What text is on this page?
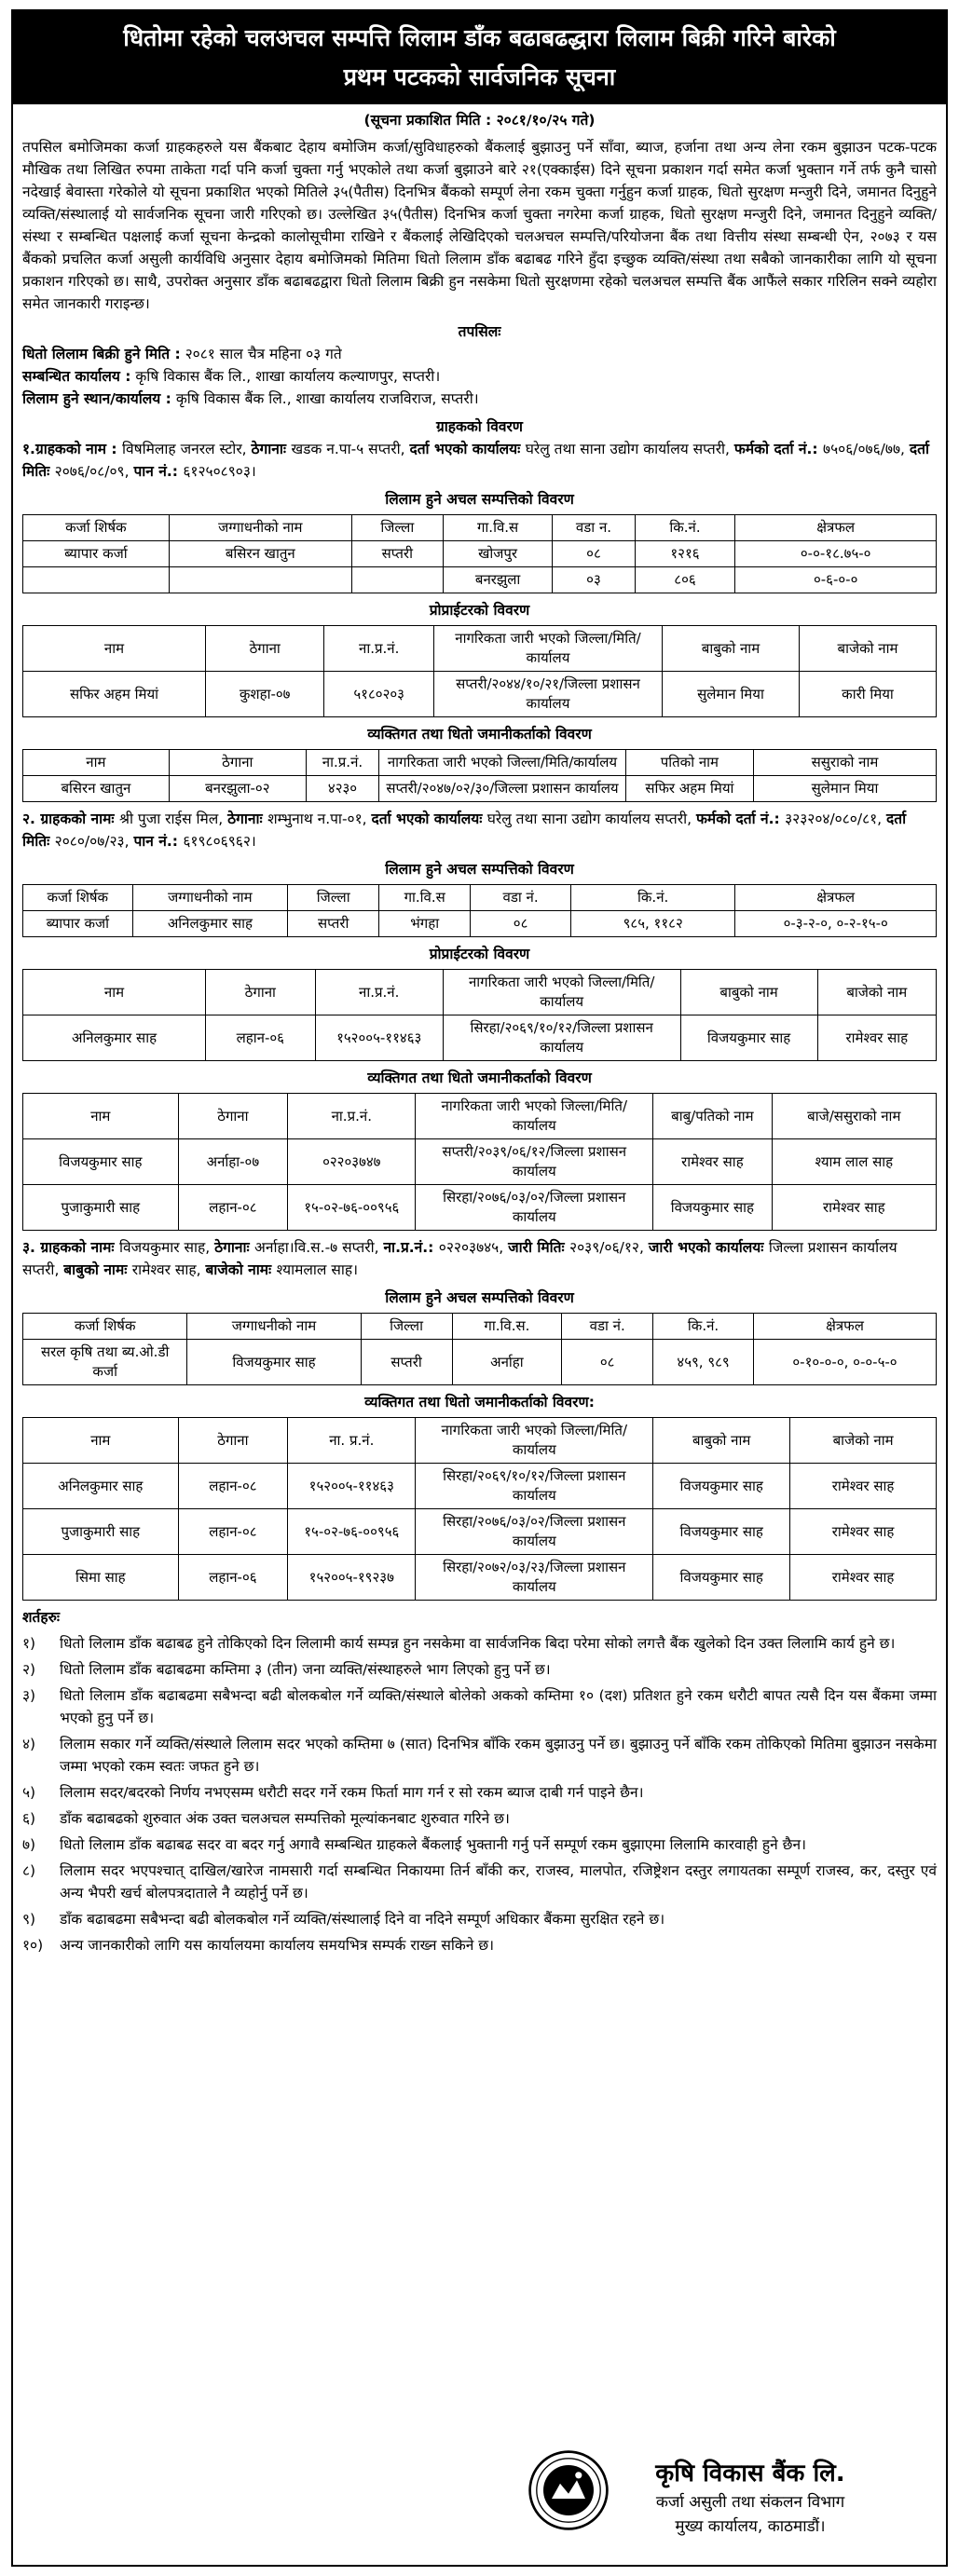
धितोमा रहेको चलअचल सम्पत्ति लिलाम डाँक बढाबढद्धारा लिलाम बिक्री गरिने बारेको
प्रथम पटकको सार्वजनिक सूचना
(सूचना प्रकाशित मिति : २०८१/१०/२५ गते)
तपसिल बमोजिमका कर्जा ग्राहकहरुले यस बैंकबाट देहाय बमोजिम कर्जा/सुविधाहरुको बैंकलाई बुझाउनु पर्ने साँवा, ब्याज, हर्जाना तथा अन्य लेना रकम बुझाउन पटक-पटक मौखिक तथा लिखित रुपमा ताकेता गर्दा पनि कर्जा चुक्ता गर्नु भएकोले तथा कर्जा बुझाउने बारे २१(एक्काईस) दिने सूचना प्रकाशन गर्दा समेत कर्जा भुक्तान गर्ने तर्फ कुनै चासो नदेखाई बेवास्ता गरेकोले यो सूचना प्रकाशित भएको मितिले ३५(पैतीस) दिनभित्र बैंकको सम्पूर्ण लेना रकम चुक्ता गर्नुहुन कर्जा ग्राहक, धितो सुरक्षण मन्जुरी दिने, जमानत दिनुहुने व्यक्ति/संस्थालाई यो सार्वजनिक सूचना जारी गरिएको छ। उल्लेखित ३५(पैतीस) दिनभित्र कर्जा चुक्ता नगरेमा कर्जा ग्राहक, धितो सुरक्षण मन्जुरी दिने, जमानत दिनुहुने व्यक्ति/संस्था र सम्बन्धित पक्षलाई कर्जा सूचना केन्द्रको कालोसूचीमा राखिने र बैंकलाई लेखिदिएको चलअचल सम्पत्ति/परियोजना बैंक तथा वित्तीय संस्था सम्बन्धी ऐन, २०७३ र यस बैंकको प्रचलित कर्जा असुली कार्यविधि अनुसार देहाय बमोजिमको मितिमा धितो लिलाम डाँक बढाबढ गरिने हुँदा इच्छुक व्यक्ति/संस्था तथा सबैको जानकारीका लागि यो सूचना प्रकाशन गरिएको छ। साथै, उपरोक्त अनुसार डाँक बढाबढद्वारा धितो लिलाम बिक्री हुन नसकेमा धितो सुरक्षणमा रहेको चलअचल सम्पत्ति बैंक आफैंले सकार गरिलिन सक्ने व्यहोरा समेत जानकारी गराइन्छ।
तपसिलः
धितो लिलाम बिक्री हुने मिति : २०८१ साल चैत्र महिना ०३ गते
सम्बन्धित कार्यालय : कृषि विकास बैंक लि., शाखा कार्यालय कल्याणपुर, सप्तरी।
लिलाम हुने स्थान/कार्यालय : कृषि विकास बैंक लि., शाखा कार्यालय राजविराज, सप्तरी।
ग्राहकको विवरण
१.ग्राहकको नाम : विषमिलाह जनरल स्टोर, ठेगानाः खडक न.पा-५ सप्तरी, दर्ता भएको कार्यालयः घरेलु तथा साना उद्योग कार्यालय सप्तरी, फर्मको दर्ता नं.: ७५०६/०७६/७७, दर्ता मितिः २०७६/०८/०९, पान नं.: ६१२५०८९०३।
लिलाम हुने अचल सम्पत्तिको विवरण
कर्जा शिर्षक	जग्गाधनीको नाम	जिल्ला	गा.वि.स	वडा न.	कि.नं.	क्षेत्रफल
ब्यापार कर्जा	बसिरन खातुन	सप्तरी	खोजपुर	०८	१२१६	०-०-१८.७५-०
			बनरझुला	०३	८०६	०-६-०-०
प्रोप्राईटरको विवरण
नाम	ठेगाना	ना.प्र.नं.	नागरिकता जारी भएको जिल्ला/मिति/कार्यालय	बाबुको नाम	बाजेको नाम
सफिर अहम मियां	कुशहा-०७	५१८०२०३	सप्तरी/२०४४/१०/२१/जिल्ला प्रशासन कार्यालय	सुलेमान मिया	कारी मिया
व्यक्तिगत तथा धितो जमानीकर्ताको विवरण
नाम	ठेगाना	ना.प्र.नं.	नागरिकता जारी भएको जिल्ला/मिति/कार्यालय	पतिको नाम	ससुराको नाम
बसिरन खातुन	बनरझुला-०२	४२३०	सप्तरी/२०४७/०२/३०/जिल्ला प्रशासन कार्यालय	सफिर अहम मियां	सुलेमान मिया
२. ग्राहकको नामः श्री पुजा राईस मिल, ठेगानाः शम्भुनाथ न.पा-०१, दर्ता भएको कार्यालयः घरेलु तथा साना उद्योग कार्यालय सप्तरी, फर्मको दर्ता नं.: ३२३२०४/०८०/८१, दर्ता मितिः २०८०/०७/२३, पान नं.: ६१९८०६९६२।
लिलाम हुने अचल सम्पत्तिको विवरण
कर्जा शिर्षक	जग्गाधनीको नाम	जिल्ला	गा.वि.स	वडा नं.	कि.नं.	क्षेत्रफल
ब्यापार कर्जा	अनिलकुमार साह	सप्तरी	भंगहा	०८	९८५, ११८२	०-३-२-०, ०-२-१५-०
प्रोप्राईटरको विवरण
नाम	ठेगाना	ना.प्र.नं.	नागरिकता जारी भएको जिल्ला/मिति/कार्यालय	बाबुको नाम	बाजेको नाम
अनिलकुमार साह	लहान-०६	१५२००५-११४६३	सिरहा/२०६९/१०/१२/जिल्ला प्रशासन कार्यालय	विजयकुमार साह	रामेश्वर साह
व्यक्तिगत तथा धितो जमानीकर्ताको विवरण
नाम	ठेगाना	ना.प्र.नं.	नागरिकता जारी भएको जिल्ला/मिति/कार्यालय	बाबु/पतिको नाम	बाजे/ससुराको नाम
विजयकुमार साह	अर्नाहा-०७	०२२०३७४७	सप्तरी/२०३९/०६/१२/जिल्ला प्रशासन कार्यालय	रामेश्वर साह	श्याम लाल साह
पुजाकुमारी साह	लहान-०८	१५-०२-७६-००९५६	सिरहा/२०७६/०३/०२/जिल्ला प्रशासन कार्यालय	विजयकुमार साह	रामेश्वर साह
३. ग्राहकको नामः विजयकुमार साह, ठेगानाः अर्नाहा।वि.स.-७ सप्तरी, ना.प्र.नं.: ०२२०३७४५, जारी मितिः २०३९/०६/१२, जारी भएको कार्यालयः जिल्ला प्रशासन कार्यालय सप्तरी, बाबुको नामः रामेश्वर साह, बाजेको नामः श्यामलाल साह।
लिलाम हुने अचल सम्पत्तिको विवरण
कर्जा शिर्षक	जग्गाधनीको नाम	जिल्ला	गा.वि.स.	वडा नं.	कि.नं.	क्षेत्रफल
सरल कृषि तथा ब्य.ओ.डी कर्जा	विजयकुमार साह	सप्तरी	अर्नाहा	०८	४५९, ९८९	०-१०-०-०, ०-०-५-०
व्यक्तिगत तथा धितो जमानीकर्ताको विवरण:
नाम	ठेगाना	ना. प्र.नं.	नागरिकता जारी भएको जिल्ला/मिति/कार्यालय	बाबुको नाम	बाजेको नाम
अनिलकुमार साह	लहान-०८	१५२००५-११४६३	सिरहा/२०६९/१०/१२/जिल्ला प्रशासन कार्यालय	विजयकुमार साह	रामेश्वर साह
पुजाकुमारी साह	लहान-०८	१५-०२-७६-००९५६	सिरहा/२०७६/०३/०२/जिल्ला प्रशासन कार्यालय	विजयकुमार साह	रामेश्वर साह
सिमा साह	लहान-०६	१५२००५-१९२३७	सिरहा/२०७२/०३/२३/जिल्ला प्रशासन कार्यालय	विजयकुमार साह	रामेश्वर साह
शर्तहरुः
१)	धितो लिलाम डाँक बढाबढ हुने तोकिएको दिन लिलामी कार्य सम्पन्न हुन नसकेमा वा सार्वजनिक बिदा परेमा सोको लगत्तै बैंक खुलेको दिन उक्त लिलामि कार्य हुने छ।
२)	धितो लिलाम डाँक बढाबढमा कम्तिमा ३ (तीन) जना व्यक्ति/संस्थाहरुले भाग लिएको हुनु पर्ने छ।
३)	धितो लिलाम डाँक बढाबढमा सबैभन्दा बढी बोलकबोल गर्ने व्यक्ति/संस्थाले बोलेको अकको कम्तिमा १० (दश) प्रतिशत हुने रकम धरौटी बापत त्यसै दिन यस बैंकमा जम्मा भएको हुनु पर्ने छ।
४)	लिलाम सकार गर्ने व्यक्ति/संस्थाले लिलाम सदर भएको कम्तिमा ७ (सात) दिनभित्र बाँकि रकम बुझाउनु पर्ने छ। बुझाउनु पर्ने बाँकि रकम तोकिएको मितिमा बुझाउन नसकेमा जम्मा भएको रकम स्वतः जफत हुने छ।
५)	लिलाम सदर/बदरको निर्णय नभएसम्म धरौटी सदर गर्ने रकम फिर्ता माग गर्न र सो रकम ब्याज दाबी गर्न पाइने छैन।
६)	डाँक बढाबढको शुरुवात अंक उक्त चलअचल सम्पत्तिको मूल्यांकनबाट शुरुवात गरिने छ।
७)	धितो लिलाम डाँक बढाबढ सदर वा बदर गर्नु अगावै सम्बन्धित ग्राहकले बैंकलाई भुक्तानी गर्नु पर्ने सम्पूर्ण रकम बुझाएमा लिलामि कारवाही हुने छैन।
८)	लिलाम सदर भएपश्चात् दाखिल/खारेज नामसारी गर्दा सम्बन्धित निकायमा तिर्न बाँकी कर, राजस्व, मालपोत, रजिष्ट्रेशन दस्तुर लगायतका सम्पूर्ण राजस्व, कर, दस्तुर एवं अन्य भैपरी खर्च बोलपत्रदाताले नै व्यहोर्नु पर्ने छ।
९)	डाँक बढाबढमा सबैभन्दा बढी बोलकबोल गर्ने व्यक्ति/संस्थालाई दिने वा नदिने सम्पूर्ण अधिकार बैंकमा सुरक्षित रहने छ।
१०)	अन्य जानकारीको लागि यस कार्यालयमा कार्यालय समयभित्र सम्पर्क राख्न सकिने छ।
कृषि विकास बैंक लि.
कर्जा असुली तथा संकलन विभाग
मुख्य कार्यालय, काठमाडौं।
